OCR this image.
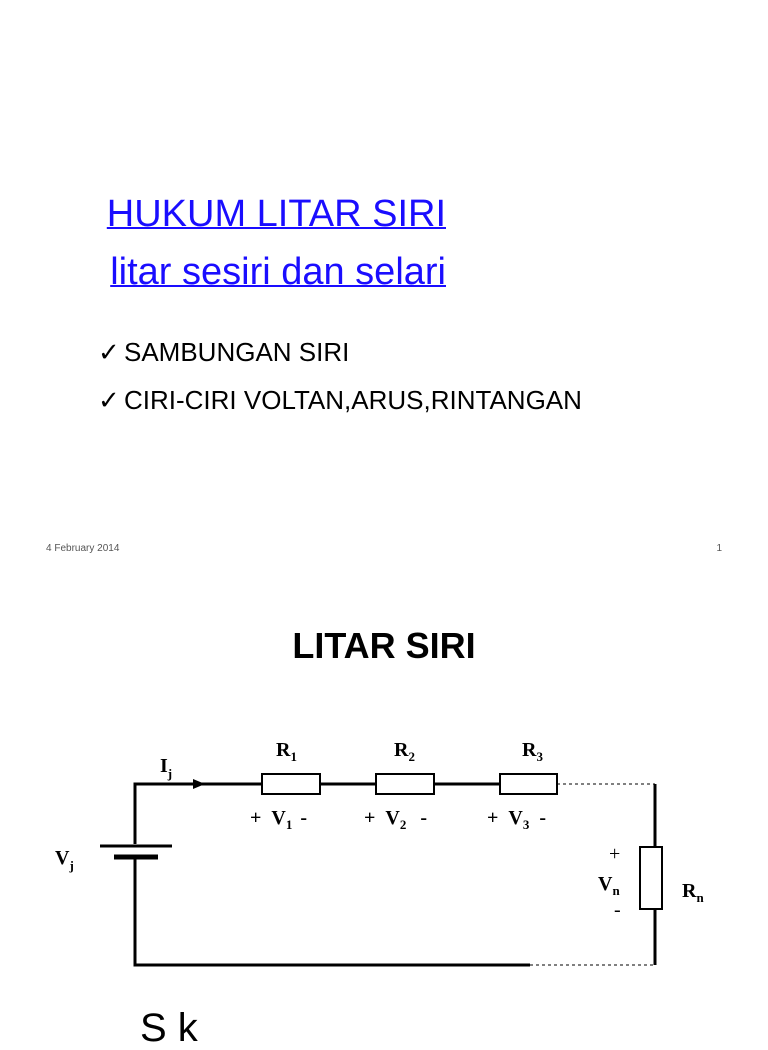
HUKUM LITAR SIRI
litar sesiri dan selari
✓ SAMBUNGAN SIRI
✓ CIRI-CIRI VOLTAN,ARUS,RINTANGAN
4 February 2014	1
LITAR SIRI
$I_j$
$V_j$
$R_1$	$R_2$	$R_3$
$R_n$
+ $V_1$ -	+ $V_2$ -	+ $V_3$ -
+
$V_n$
-
S k
